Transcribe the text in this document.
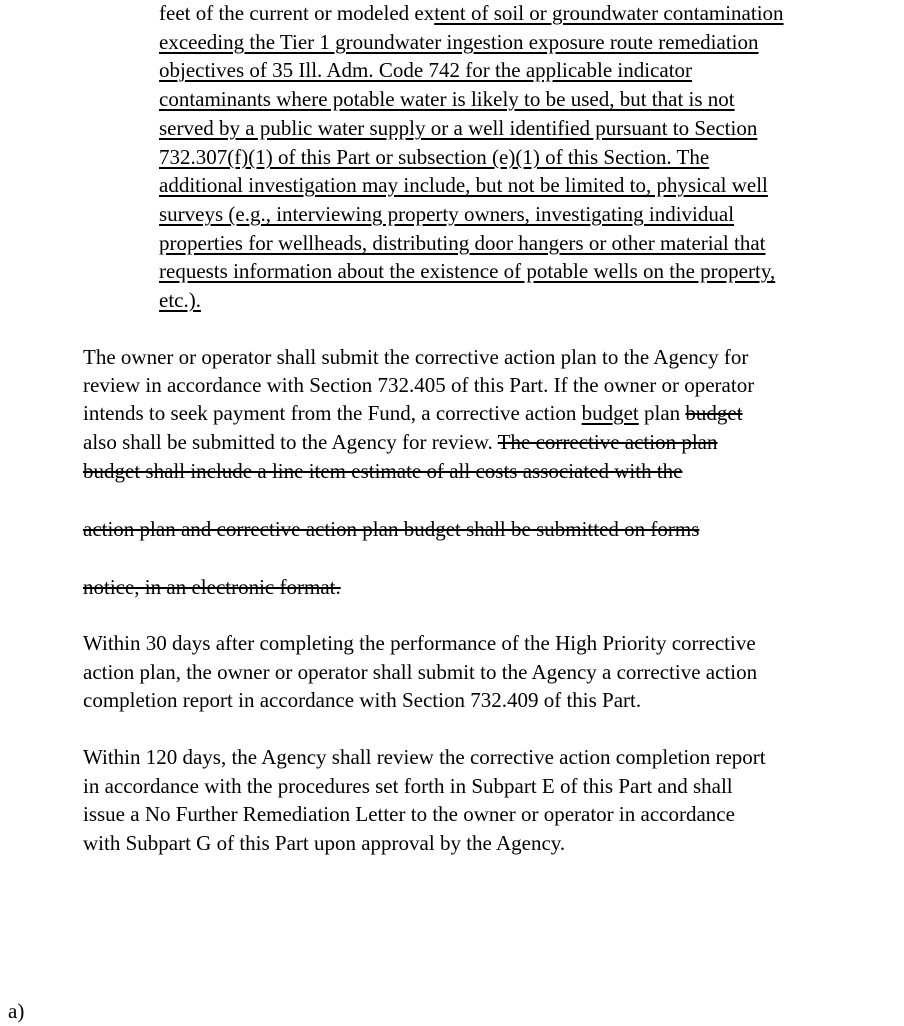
feet of the current or modeled extent of soil or groundwater contamination
exceeding the Tier 1 groundwater ingestion exposure route remediation
objectives of 35 Ill. Adm. Code 742 for the applicable indicator
contaminants where potable water is likely to be used, but that is not
served by a public water supply or a well identified pursuant to Section
732.307(f)(1) of this Part or subsection (e)(1) of this Section. The
additional investigation may include, but not be limited to, physical well
surveys (e.g., interviewing property owners, investigating individual
properties for wellheads, distributing door hangers or other material that
requests information about the existence of potable wells on the property,
etc.).
The owner or operator shall submit the corrective action plan to the Agency for
review in accordance with Section 732.405 of this Part. If the owner or operator
intends to seek payment from the Fund, a corrective action budget plan budget
also shall be submitted to the Agency for review. The corrective action plan
budget shall include a line item estimate of all costs associated with the
action plan and corrective action plan budget shall be submitted on forms
notice, in an electronic format.
Within 30 days after completing the performance of the High Priority corrective
action plan, the owner or operator shall submit to the Agency a corrective action
completion report in accordance with Section 732.409 of this Part.
Within 120 days, the Agency shall review the corrective action completion report
in accordance with the procedures set forth in Subpart E of this Part and shall
issue a No Further Remediation Letter to the owner or operator in accordance
with Subpart G of this Part upon approval by the Agency.
a)
